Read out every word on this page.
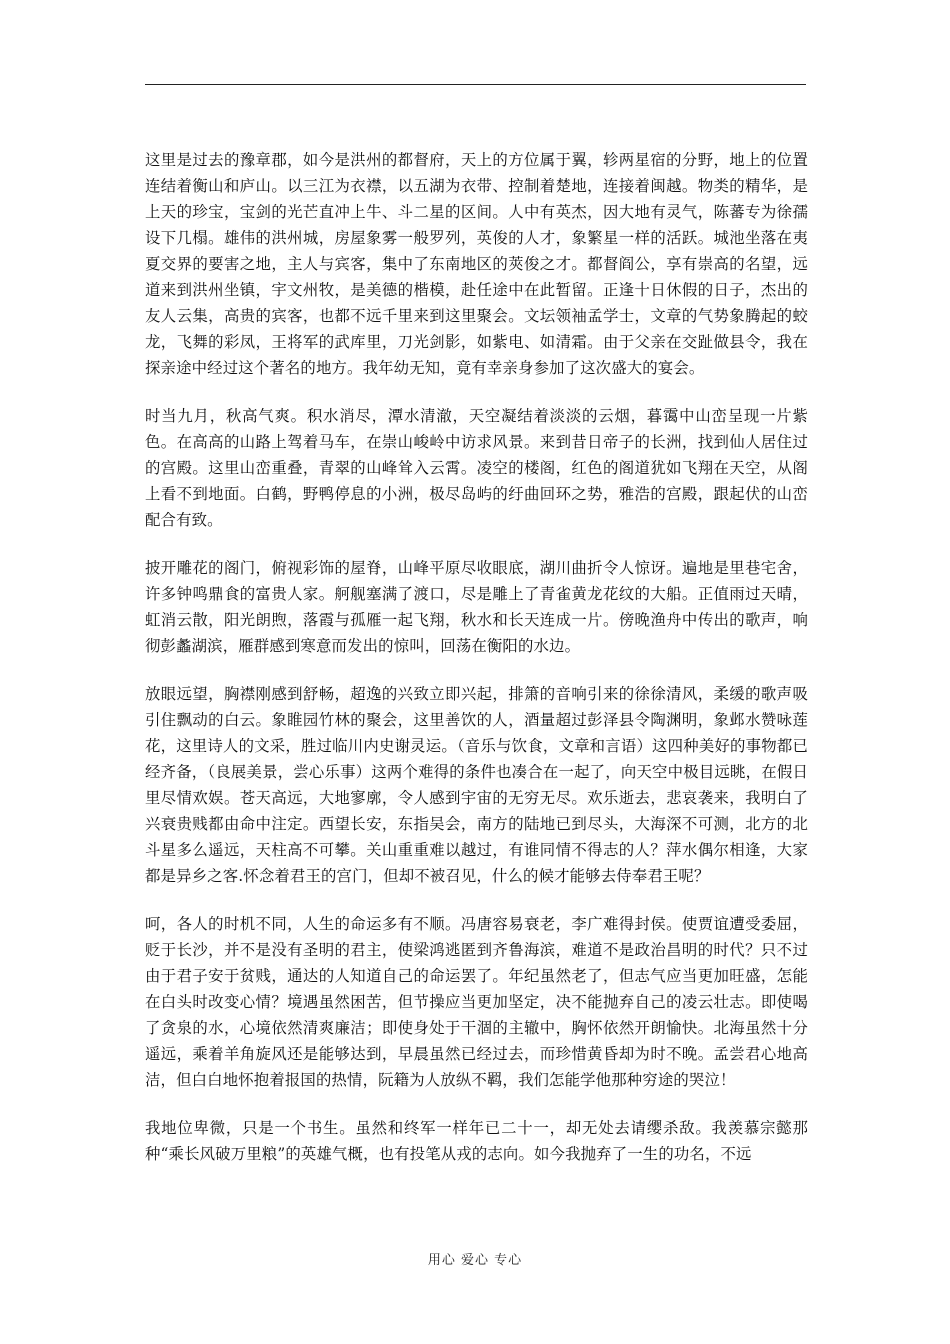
这里是过去的豫章郡，如今是洪州的都督府，天上的方位属于翼，轸两星宿的分野，地上的位置连结着衡山和庐山。以三江为衣襟，以五湖为衣带、控制着楚地，连接着闽越。物类的精华，是上天的珍宝，宝剑的光芒直冲上牛、斗二星的区间。人中有英杰，因大地有灵气，陈蕃专为徐孺设下几榻。雄伟的洪州城，房屋象雾一般罗列，英俊的人才，象繁星一样的活跃。城池坐落在夷夏交界的要害之地，主人与宾客，集中了东南地区的莢俊之才。都督阎公，享有崇高的名望，远道来到洪州坐镇，宇文州牧，是美德的楷模，赴任途中在此暂留。正逢十日休假的日子，杰出的友人云集，高贵的宾客，也都不远千里来到这里聚会。文坛领袖孟学士，文章的气势象腾起的蛟龙，飞舞的彩凤，王将军的武库里，刀光剑影，如紫电、如清霜。由于父亲在交趾做县令，我在探亲途中经过这个著名的地方。我年幼无知，竟有幸亲身参加了这次盛大的宴会。

时当九月，秋高气爽。积水消尽，潭水清澈，天空凝结着淡淡的云烟，暮霭中山峦呈现一片紫色。在高高的山路上驾着马车，在崇山峻岭中访求风景。来到昔日帝子的长洲，找到仙人居住过的宫殿。这里山峦重叠，青翠的山峰耸入云霄。凌空的楼阁，红色的阁道犹如飞翔在天空，从阁上看不到地面。白鹤，野鸭停息的小洲，极尽岛屿的纡曲回环之势，雅浩的宫殿，跟起伏的山峦配合有致。

披开雕花的阁门，俯视彩饰的屋脊，山峰平原尽收眼底，湖川曲折令人惊讶。遍地是里巷宅舍，许多钟鸣鼎食的富贵人家。舸舰塞满了渡口，尽是雕上了青雀黄龙花纹的大船。正值雨过天晴，虹消云散，阳光朗煦，落霞与孤雁一起飞翔，秋水和长天连成一片。傍晚渔舟中传出的歌声，响彻彭蠡湖滨，雁群感到寒意而发出的惊叫，回荡在衡阳的水边。

放眼远望，胸襟刚感到舒畅，超逸的兴致立即兴起，排箫的音响引来的徐徐清风，柔缓的歌声吸引住飘动的白云。象睢园竹林的聚会，这里善饮的人，酒量超过彭泽县令陶渊明，象邺水赞咏莲花，这里诗人的文采，胜过临川内史谢灵运。（音乐与饮食，文章和言语）这四种美好的事物都已经齐备，（良展美景，尝心乐事）这两个难得的条件也凑合在一起了，向天空中极目远眺，在假日里尽情欢娱。苍天高远，大地寥廓，令人感到宇宙的无穷无尽。欢乐逝去，悲哀袭来，我明白了兴衰贵贱都由命中注定。西望长安，东指吴会，南方的陆地已到尽头，大海深不可测，北方的北斗星多么遥远，天柱高不可攀。关山重重难以越过，有谁同情不得志的人？萍水偶尔相逢，大家都是异乡之客.怀念着君王的宫门，但却不被召见，什么的候才能够去侍奉君王呢？

呵，各人的时机不同，人生的命运多有不顺。冯唐容易衰老，李广难得封侯。使贾谊遭受委屈，贬于长沙，并不是没有圣明的君主，使梁鸿逃匿到齐鲁海滨，难道不是政治昌明的时代？只不过由于君子安于贫贱，通达的人知道自己的命运罢了。年纪虽然老了，但志气应当更加旺盛，怎能在白头时改变心情？境遇虽然困苦，但节操应当更加坚定，决不能抛弃自己的凌云壮志。即使喝了贪泉的水，心境依然清爽廉洁；即使身处于干涸的主辙中，胸怀依然开朗愉快。北海虽然十分遥远，乘着羊角旋风还是能够达到，早晨虽然已经过去，而珍惜黄昏却为时不晚。孟尝君心地高洁，但白白地怀抱着报国的热情，阮籍为人放纵不羁，我们怎能学他那种穷途的哭泣！

我地位卑微，只是一个书生。虽然和终军一样年已二十一，却无处去请缨杀敌。我羡慕宗懿那种“乘长风破万里粮”的英雄气概，也有投笔从戎的志向。如今我抛弃了一生的功名，不远

用心 爱心 专心
